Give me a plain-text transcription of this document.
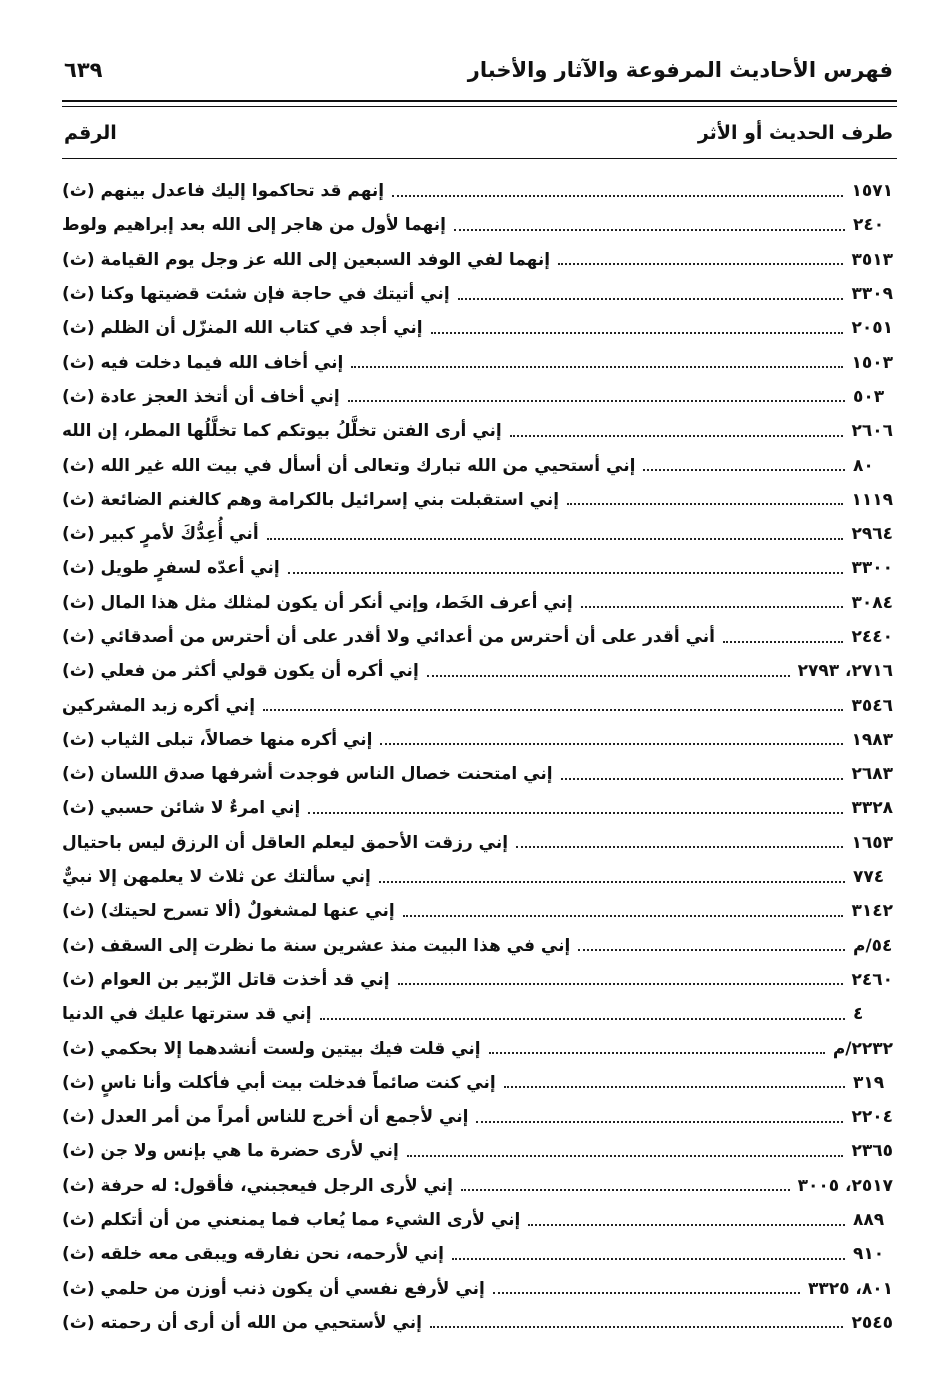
فهرس الأحاديث المرفوعة والآثار والأخبار
٦٣٩
طرف الحديث أو الأثر
الرقم
إنهم قد تحاكموا إليك فاعدل بينهم (ث)	١٥٧١
إنهما لأول من هاجر إلى الله بعد إبراهيم ولوط	٢٤٠
إنهما لفي الوفد السبعين إلى الله عز وجل يوم القيامة (ث)	٣٥١٣
إني أتيتك في حاجة فإن شئت قضيتها وكنا (ث)	٣٣٠٩
إني أجد في كتاب الله المنزّل أن الظلم (ث)	٢٠٥١
إني أخاف الله فيما دخلت فيه (ث)	١٥٠٣
إني أخاف أن أتخذ العجز عادة (ث)	٥٠٣
إني أرى الفتن تخلَّلُ بيوتكم كما تخلَّلُها المطر، إن الله	٢٦٠٦
إني أستحيي من الله تبارك وتعالى أن أسأل في بيت الله غير الله (ث)	٨٠
إني استقبلت بني إسرائيل بالكرامة وهم كالغنم الضائعة (ث)	١١١٩
أني أُعِدُّكَ لأمرٍ كبير (ث)	٢٩٦٤
إني أعدّه لسفرٍ طويل (ث)	٣٣٠٠
إني أعرف الخَط، وإني أنكر أن يكون لمثلك مثل هذا المال (ث)	٣٠٨٤
أني أقدر على أن أحترس من أعدائي ولا أقدر على أن أحترس من أصدقائي (ث)	٢٤٤٠
إني أكره أن يكون قولي أكثر من فعلي (ث)	٢٧١٦، ٢٧٩٣
إني أكره زبد المشركين	٣٥٤٦
إني أكره منها خصالاً، تبلى الثياب (ث)	١٩٨٣
إني امتحنت خصال الناس فوجدت أشرفها صدق اللسان (ث)	٢٦٨٣
إني امرءٌ لا شائن حسبي (ث)	٣٣٢٨
إني رزقت الأحمق ليعلم العاقل أن الرزق ليس باحتيال	١٦٥٣
إني سألتك عن ثلاث لا يعلمهن إلا نبيٌّ	٧٧٤
إني عنها لمشغولٌ (ألا تسرح لحيتك) (ث)	٣١٤٢
إني في هذا البيت منذ عشرين سنة ما نظرت إلى السقف (ث)	٥٤/م
إني قد أخذت قاتل الزّبير بن العوام (ث)	٢٤٦٠
إني قد سترتها عليك في الدنيا	٤
إني قلت فيك بيتين ولست أنشدهما إلا بحكمي (ث)	٢٢٣٢/م
إني كنت صائماً فدخلت بيت أبي فأكلت وأنا ناسٍ (ث)	٣١٩
إني لأجمع أن أخرج للناس أمراً من أمر العدل (ث)	٢٢٠٤
إني لأرى حضرة ما هي بإنس ولا جن (ث)	٢٣٦٥
إني لأرى الرجل فيعجبني، فأقول: له حرفة (ث)	٢٥١٧، ٣٠٠٥
إني لأرى الشيء مما يُعاب فما يمنعني من أن أتكلم (ث)	٨٨٩
إني لأرحمه، نحن نفارقه ويبقى معه خلقه (ث)	٩١٠
إني لأرفع نفسي أن يكون ذنب أوزن من حلمي (ث)	٨٠١، ٣٣٢٥
إني لأستحيي من الله أن أرى أن رحمته (ث)	٢٥٤٥
